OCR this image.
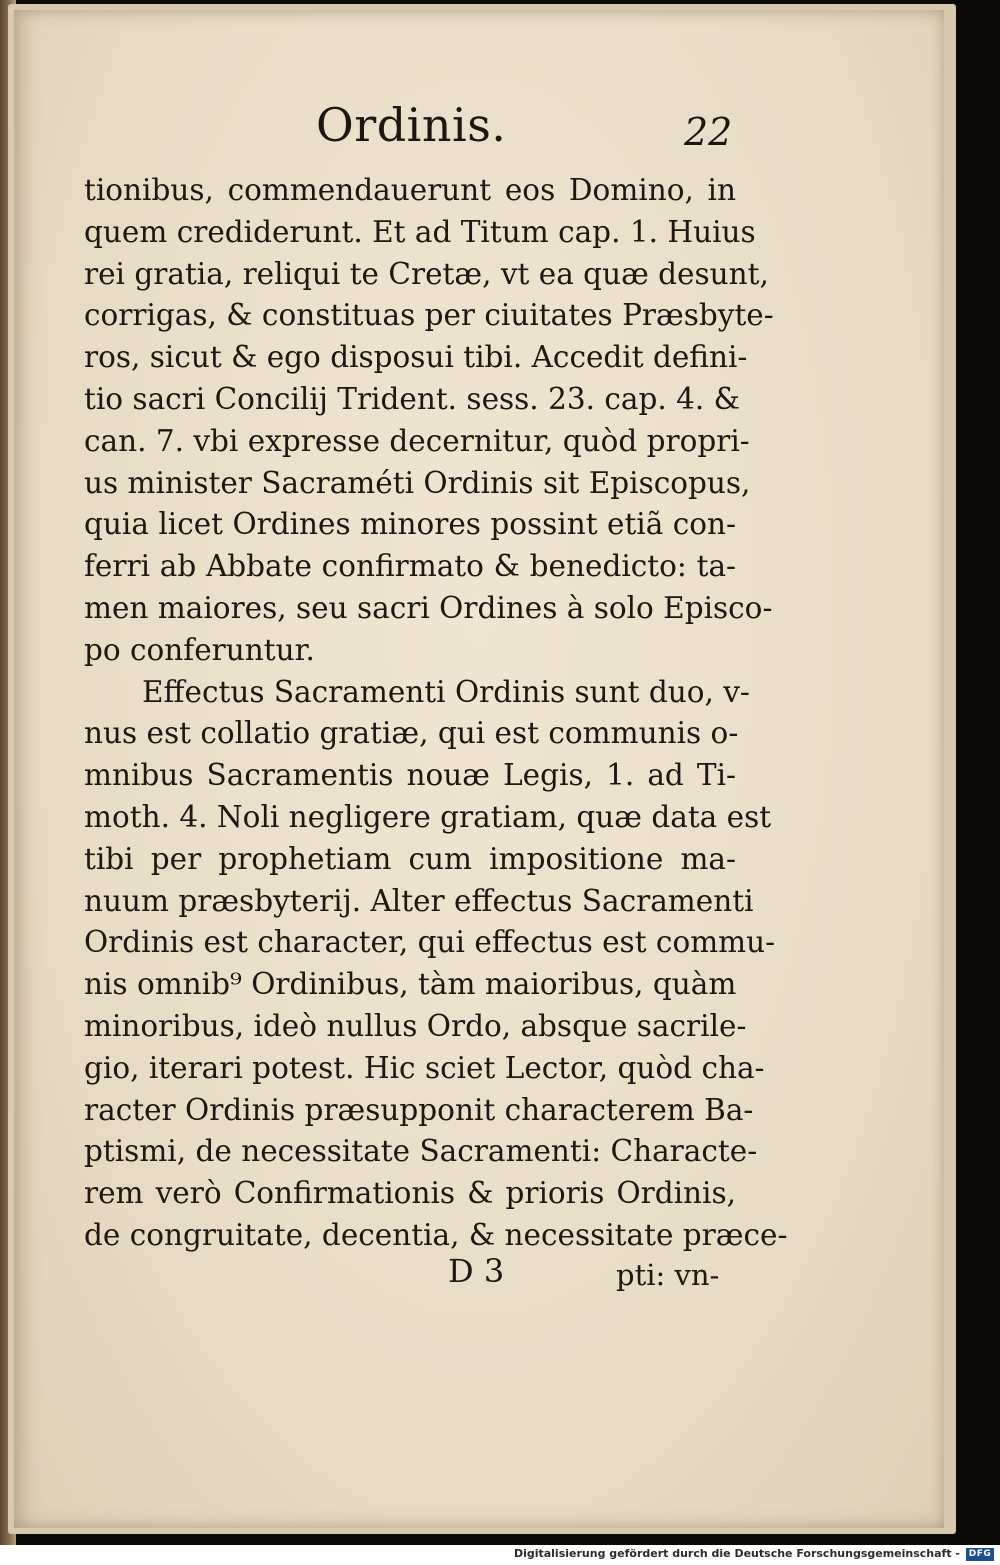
Ordinis.	22
tionibus, commendauerunt eos Domino, in
quem crediderunt. Et ad Titum cap. 1. Huius
rei gratia, reliqui te Cretæ, vt ea quæ desunt,
corrigas, & constituas per ciuitates Præsbyte-
ros, sicut & ego disposui tibi. Accedit defini-
tio sacri Concilij Trident. sess. 23. cap. 4. &
can. 7. vbi expresse decernitur, quòd propri-
us minister Sacraméti Ordinis sit Episcopus,
quia licet Ordines minores possint etiã con-
ferri ab Abbate confirmato & benedicto: ta-
men maiores, seu sacri Ordines à solo Episco-
po conferuntur.
Effectus Sacramenti Ordinis sunt duo, v-
nus est collatio gratiæ, qui est communis o-
mnibus Sacramentis nouæ Legis, 1. ad Ti-
moth. 4. Noli negligere gratiam, quæ data est
tibi per prophetiam cum impositione ma-
nuum præsbyterij. Alter effectus Sacramenti
Ordinis est character, qui effectus est commu-
nis omnib⁹ Ordinibus, tàm maioribus, quàm
minoribus, ideò nullus Ordo, absque sacrile-
gio, iterari potest. Hic sciet Lector, quòd cha-
racter Ordinis præsupponit characterem Ba-
ptismi, de necessitate Sacramenti: Characte-
rem verò Confirmationis & prioris Ordinis,
de congruitate, decentia, & necessitate præce-
D 3	pti: vn-
Digitalisierung gefördert durch die Deutsche Forschungsgemeinschaft - DFG
